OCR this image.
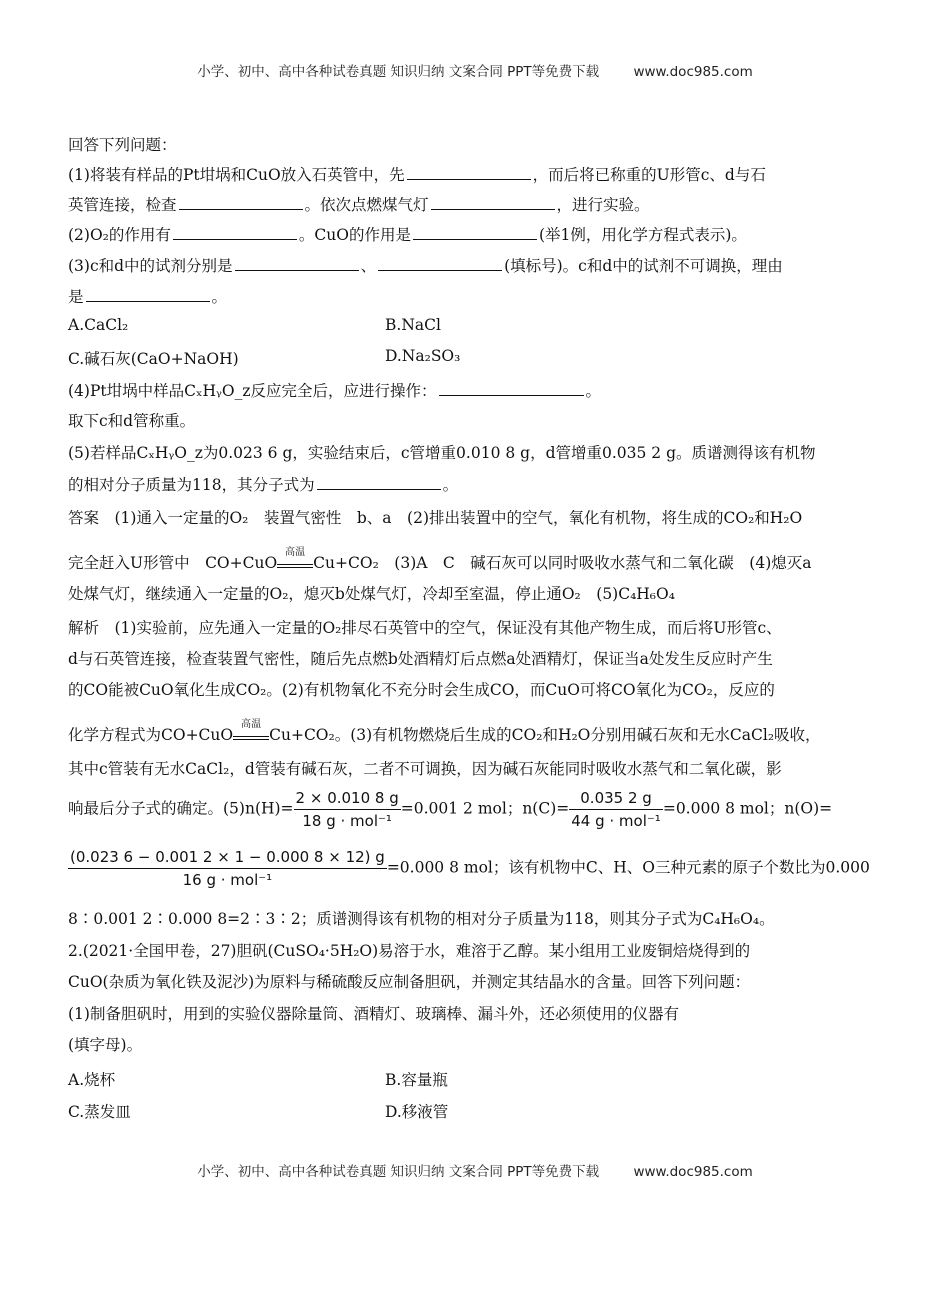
小学、初中、高中各种试卷真题 知识归纳 文案合同 PPT等免费下载	www.doc985.com
回答下列问题：
(1)将装有样品的Pt坩埚和CuO放入石英管中，先	，而后将已称重的U形管c、d与石
英管连接，检查	。依次点燃煤气灯	，进行实验。
(2)O₂的作用有	。CuO的作用是	(举1例，用化学方程式表示)。
(3)c和d中的试剂分别是	、	(填标号)。c和d中的试剂不可调换，理由
是	。
A.CaCl₂	B.NaCl
C.碱石灰(CaO+NaOH)	D.Na₂SO₃
(4)Pt坩埚中样品CₓHᵧO_z反应完全后，应进行操作：	。
取下c和d管称重。
(5)若样品CₓHᵧO_z为0.023 6 g，实验结束后，c管增重0.010 8 g，d管增重0.035 2 g。质谱测得该有机物
的相对分子质量为118，其分子式为	。
答案　(1)通入一定量的O₂　装置气密性　b、a　(2)排出装置中的空气，氧化有机物，将生成的CO₂和H₂O
完全赶入U形管中　CO+CuO
高温
Cu+CO₂　(3)A　C　碱石灰可以同时吸收水蒸气和二氧化碳　(4)熄灭a
处煤气灯，继续通入一定量的O₂，熄灭b处煤气灯，冷却至室温，停止通O₂　(5)C₄H₆O₄
解析　(1)实验前，应先通入一定量的O₂排尽石英管中的空气，保证没有其他产物生成，而后将U形管c、
d与石英管连接，检查装置气密性，随后先点燃b处酒精灯后点燃a处酒精灯，保证当a处发生反应时产生
的CO能被CuO氧化生成CO₂。(2)有机物氧化不充分时会生成CO，而CuO可将CO氧化为CO₂，反应的
化学方程式为CO+CuO
高温
Cu+CO₂。(3)有机物燃烧后生成的CO₂和H₂O分别用碱石灰和无水CaCl₂吸收，
其中c管装有无水CaCl₂，d管装有碱石灰，二者不可调换，因为碱石灰能同时吸收水蒸气和二氧化碳，影
响最后分子式的确定。$(5)n(H)= \frac{2 \times 0.010 8 g}{\text{18 g · mol⁻¹}} =0.001$ 2 mol；$n(C)= \frac{0.035 2 g}{\text{44 g · mol⁻¹}} =0.000$ 8 mol；n(O)=
$\frac{(0.023 6 - 0.001 2 \times 1 - 0.000 8 \times 12) g}{\text{16 g · mol⁻¹}} =0.000$ 8 mol；该有机物中C、H、O三种元素的原子个数比为0.000
8∶0.001 2∶0.000 8=2∶3∶2；质谱测得该有机物的相对分子质量为118，则其分子式为C₄H₆O₄。
2.(2021·全国甲卷，27)胆矾(CuSO₄·5H₂O)易溶于水，难溶于乙醇。某小组用工业废铜焙烧得到的
CuO(杂质为氧化铁及泥沙)为原料与稀硫酸反应制备胆矾，并测定其结晶水的含量。回答下列问题：
(1)制备胆矾时，用到的实验仪器除量筒、酒精灯、玻璃棒、漏斗外，还必须使用的仪器有
(填字母)。
A.烧杯	B.容量瓶
C.蒸发皿	D.移液管
小学、初中、高中各种试卷真题 知识归纳 文案合同 PPT等免费下载	www.doc985.com
